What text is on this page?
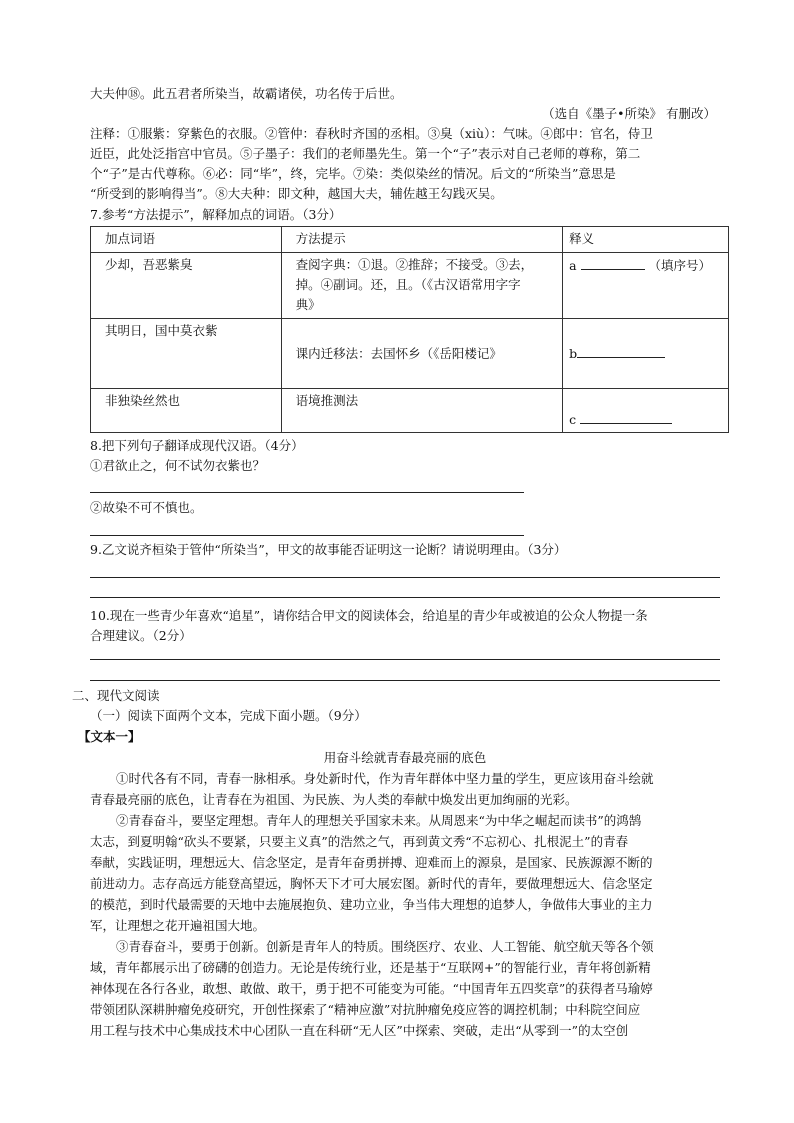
大夫仲⑱。此五君者所染当，故霸诸侯，功名传于后世。
（选自《墨子•所染》 有删改）
注释：①服紫：穿紫色的衣服。②管仲：春秋时齐国的丞相。③臭（xiù）：气味。④郎中：官名，侍卫
近臣，此处泛指宫中官员。⑤子墨子：我们的老师墨先生。第一个“子”表示对自己老师的尊称，第二
个“子”是古代尊称。⑥必：同“毕”，终，完毕。⑦染：类似染丝的情况。后文的“所染当”意思是
“所受到的影响得当”。⑧大夫种：即文种，越国大夫，辅佐越王勾践灭吴。
7.参考“方法提示”，解释加点的词语。（3分）
加点词语	方法提示	释义
少却，吾恶紫臭	查阅字典：①退。②推辞；不接受。③去，
掉。④副词。还，且。（《古汉语常用字字
典》	a （填序号）
其明日，国中莫衣紫	课内迁移法：去国怀乡（《岳阳楼记》	b
非独染丝然也	语境推测法	c
8.把下列句子翻译成现代汉语。（4分）
①君欲止之，何不试勿衣紫也？
②故染不可不慎也。
9.乙文说齐桓染于管仲“所染当”，甲文的故事能否证明这一论断？请说明理由。（3分）
10.现在一些青少年喜欢“追星”，请你结合甲文的阅读体会，给追星的青少年或被追的公众人物提一条
合理建议。（2分）
二、现代文阅读
（一）阅读下面两个文本，完成下面小题。（9分）
【文本一】
用奋斗绘就青春最亮丽的底色
①时代各有不同，青春一脉相承。身处新时代，作为青年群体中坚力量的学生，更应该用奋斗绘就
青春最亮丽的底色，让青春在为祖国、为民族、为人类的奉献中焕发出更加绚丽的光彩。
②青春奋斗，要坚定理想。青年人的理想关乎国家未来。从周恩来“为中华之崛起而读书”的鸿鹄
太志，到夏明翰“砍头不要紧，只要主义真”的浩然之气，再到黄文秀“不忘初心、扎根泥土”的青春
奉献，实践证明，理想远大、信念坚定，是青年奋勇拼搏、迎难而上的源泉，是国家、民族源源不断的
前进动力。志存高远方能登高望远，胸怀天下才可大展宏图。新时代的青年，要做理想远大、信念坚定
的模范，到时代最需要的天地中去施展抱负、建功立业，争当伟大理想的追梦人，争做伟大事业的主力
军，让理想之花开遍祖国大地。
③青春奋斗，要勇于创新。创新是青年人的特质。围绕医疗、农业、人工智能、航空航天等各个领
域，青年都展示出了磅礴的创造力。无论是传统行业，还是基于“互联网+”的智能行业，青年将创新精
神体现在各行各业，敢想、敢做、敢干，勇于把不可能变为可能。“中国青年五四奖章”的获得者马瑜婷
带领团队深耕肿瘤免疫研究，开创性探索了“精神应激”对抗肿瘤免疫应答的调控机制；中科院空间应
用工程与技术中心集成技术中心团队一直在科研“无人区”中探索、突破，走出“从零到一”的太空创
